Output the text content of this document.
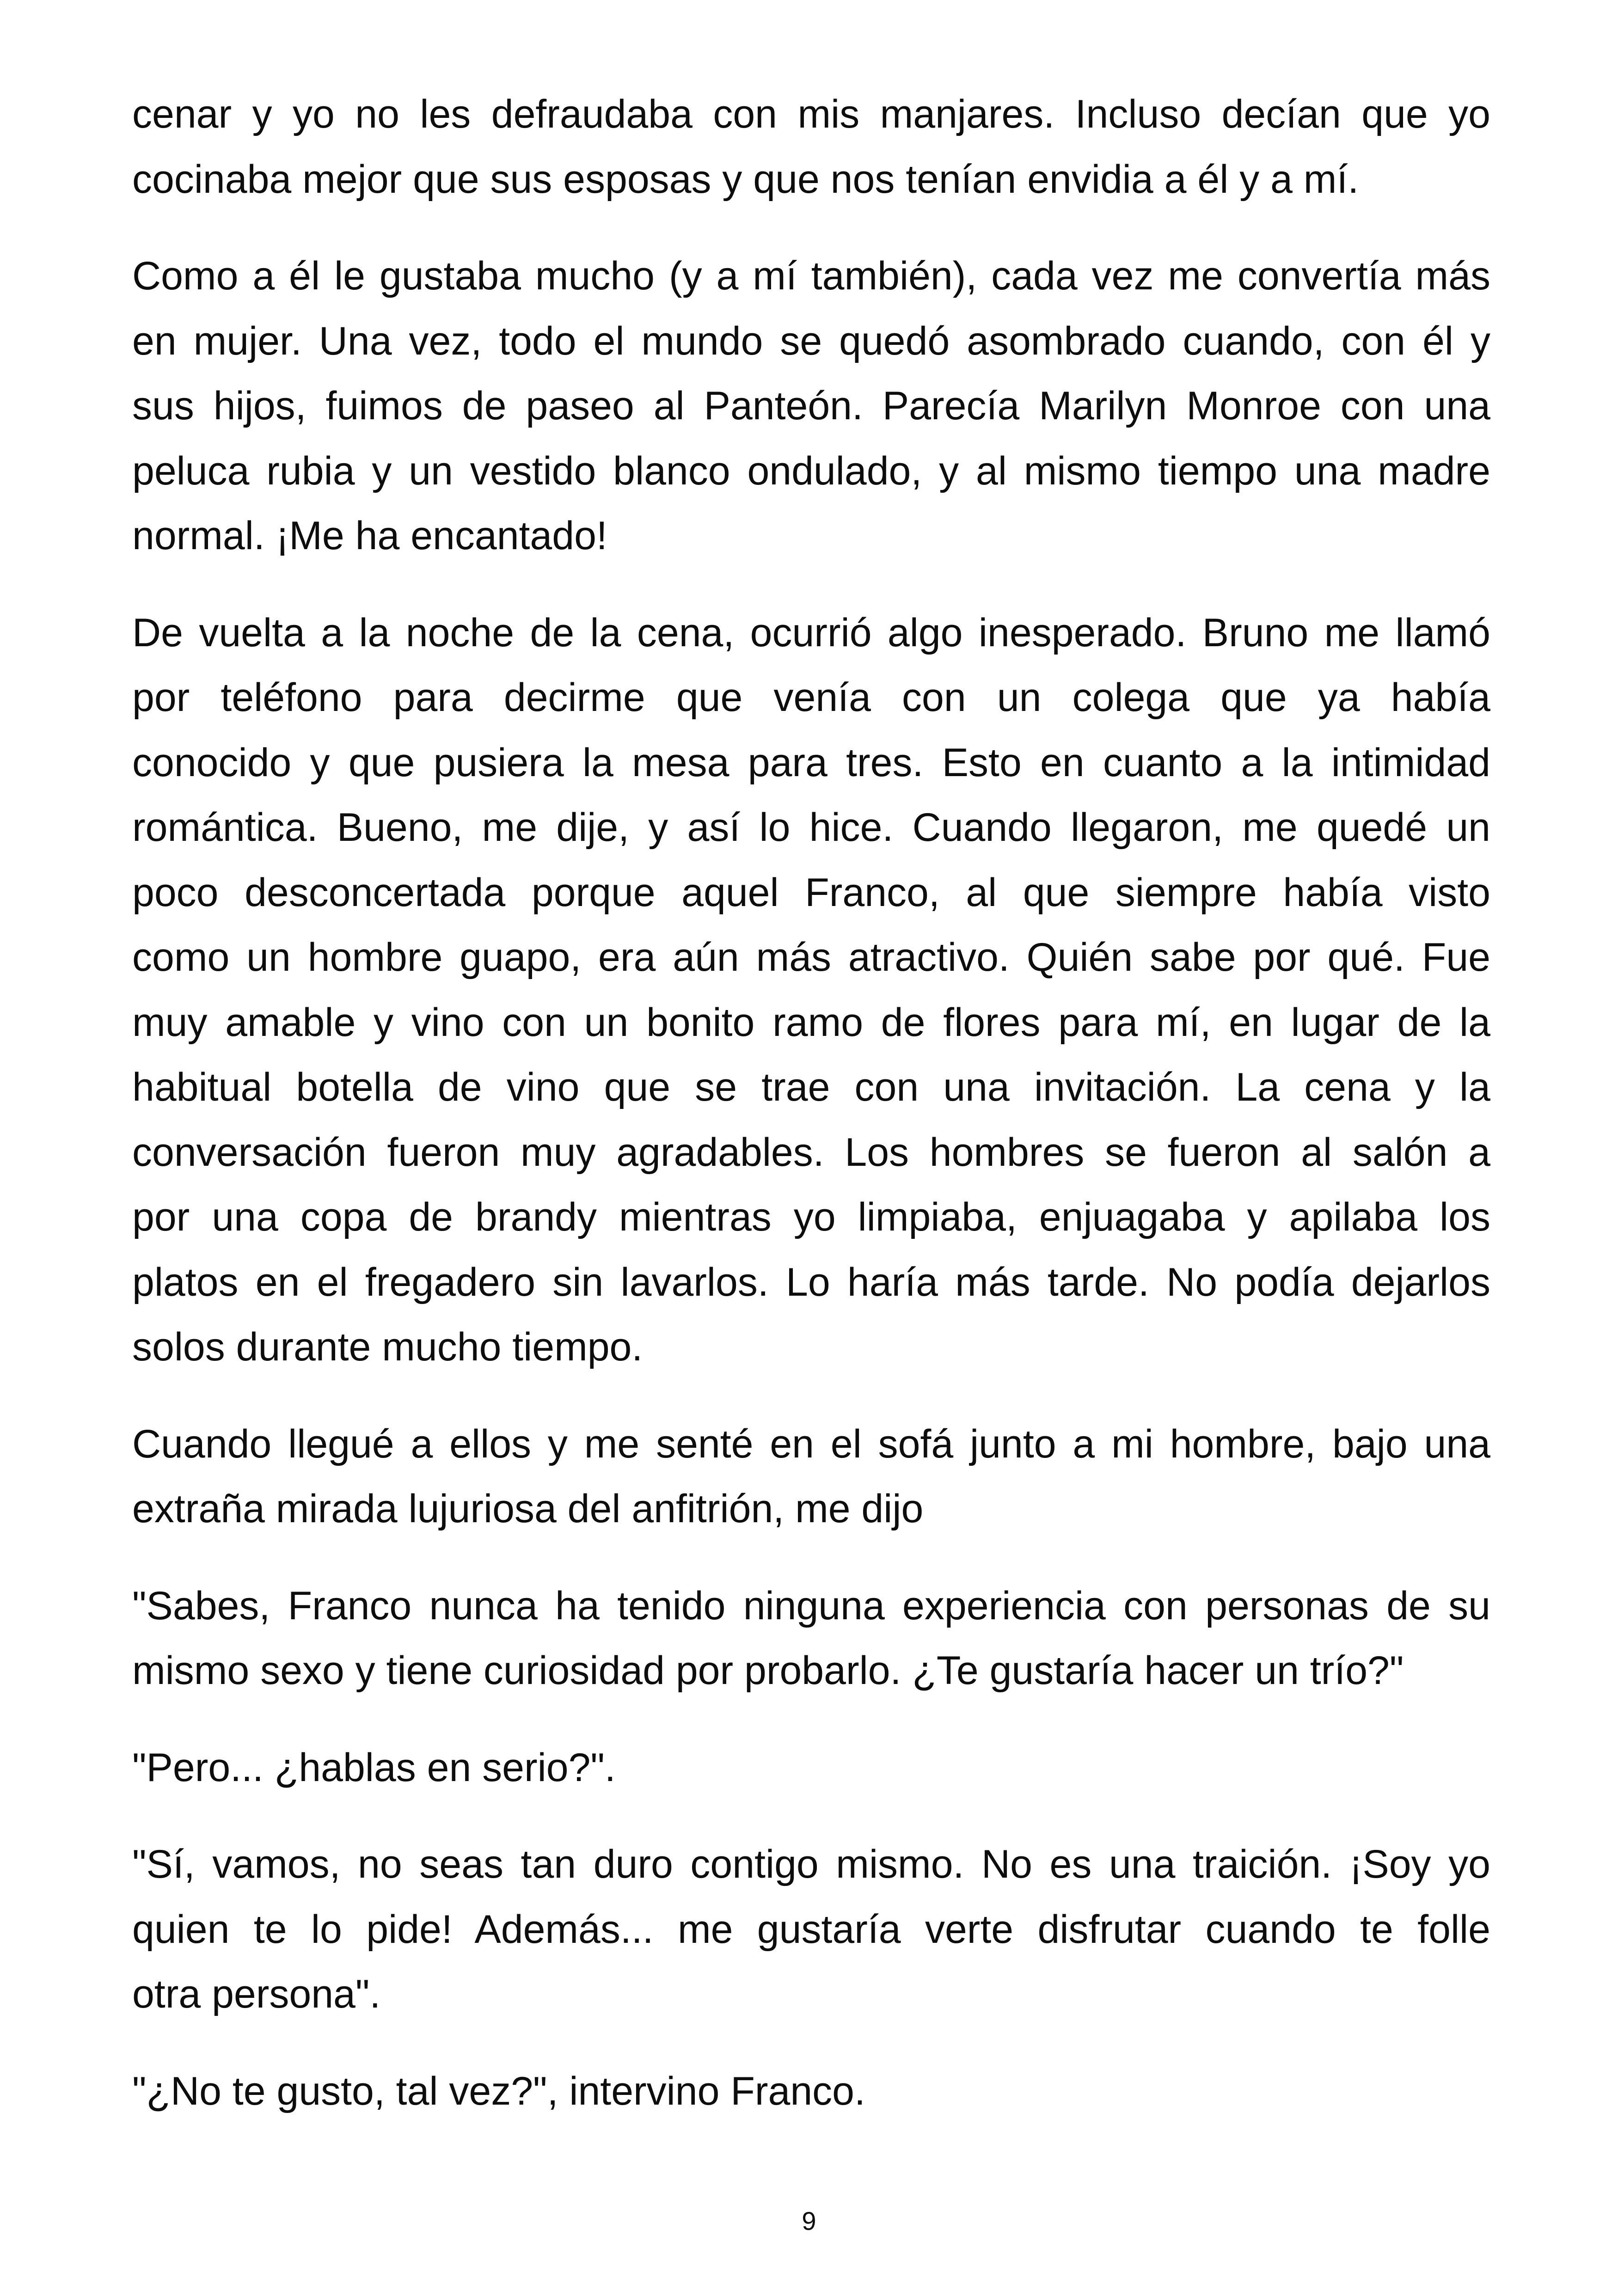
cenar y yo no les defraudaba con mis manjares. Incluso decían que yo
cocinaba mejor que sus esposas y que nos tenían envidia a él y a mí.
Como a él le gustaba mucho (y a mí también), cada vez me convertía más
en mujer. Una vez, todo el mundo se quedó asombrado cuando, con él y
sus hijos, fuimos de paseo al Panteón. Parecía Marilyn Monroe con una
peluca rubia y un vestido blanco ondulado, y al mismo tiempo una madre
normal. ¡Me ha encantado!
De vuelta a la noche de la cena, ocurrió algo inesperado. Bruno me llamó
por teléfono para decirme que venía con un colega que ya había
conocido y que pusiera la mesa para tres. Esto en cuanto a la intimidad
romántica. Bueno, me dije, y así lo hice. Cuando llegaron, me quedé un
poco desconcertada porque aquel Franco, al que siempre había visto
como un hombre guapo, era aún más atractivo. Quién sabe por qué. Fue
muy amable y vino con un bonito ramo de flores para mí, en lugar de la
habitual botella de vino que se trae con una invitación. La cena y la
conversación fueron muy agradables. Los hombres se fueron al salón a
por una copa de brandy mientras yo limpiaba, enjuagaba y apilaba los
platos en el fregadero sin lavarlos. Lo haría más tarde. No podía dejarlos
solos durante mucho tiempo.
Cuando llegué a ellos y me senté en el sofá junto a mi hombre, bajo una
extraña mirada lujuriosa del anfitrión, me dijo
"Sabes, Franco nunca ha tenido ninguna experiencia con personas de su
mismo sexo y tiene curiosidad por probarlo. ¿Te gustaría hacer un trío?"
"Pero... ¿hablas en serio?".
"Sí, vamos, no seas tan duro contigo mismo. No es una traición. ¡Soy yo
quien te lo pide! Además... me gustaría verte disfrutar cuando te folle
otra persona".
"¿No te gusto, tal vez?", intervino Franco.
9
